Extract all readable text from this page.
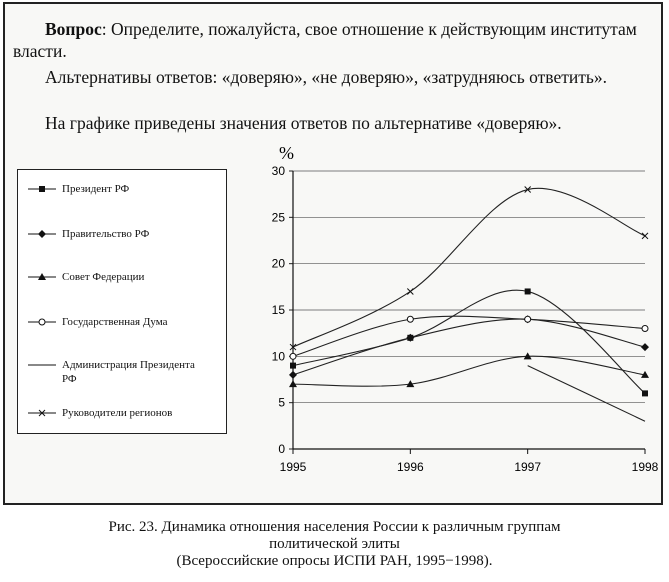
Вопрос: Определите, пожалуйста, свое отношение к действующим институтам власти.

Альтернативы ответов: «доверяю», «не доверяю», «затрудняюсь ответить».

На графике приведены значения ответов по альтернативе «доверяю».

Президент РФ
Правительство РФ
Совет Федерации
Государственная Дума
Администрация Президента РФ
Руководители регионов
%
0
5
10
15
20
25
30
1995	1996	1997	1998
Рис. 23. Динамика отношения населения России к различным группам
политической элиты
(Всероссийские опросы ИСПИ РАН, 1995−1998).
